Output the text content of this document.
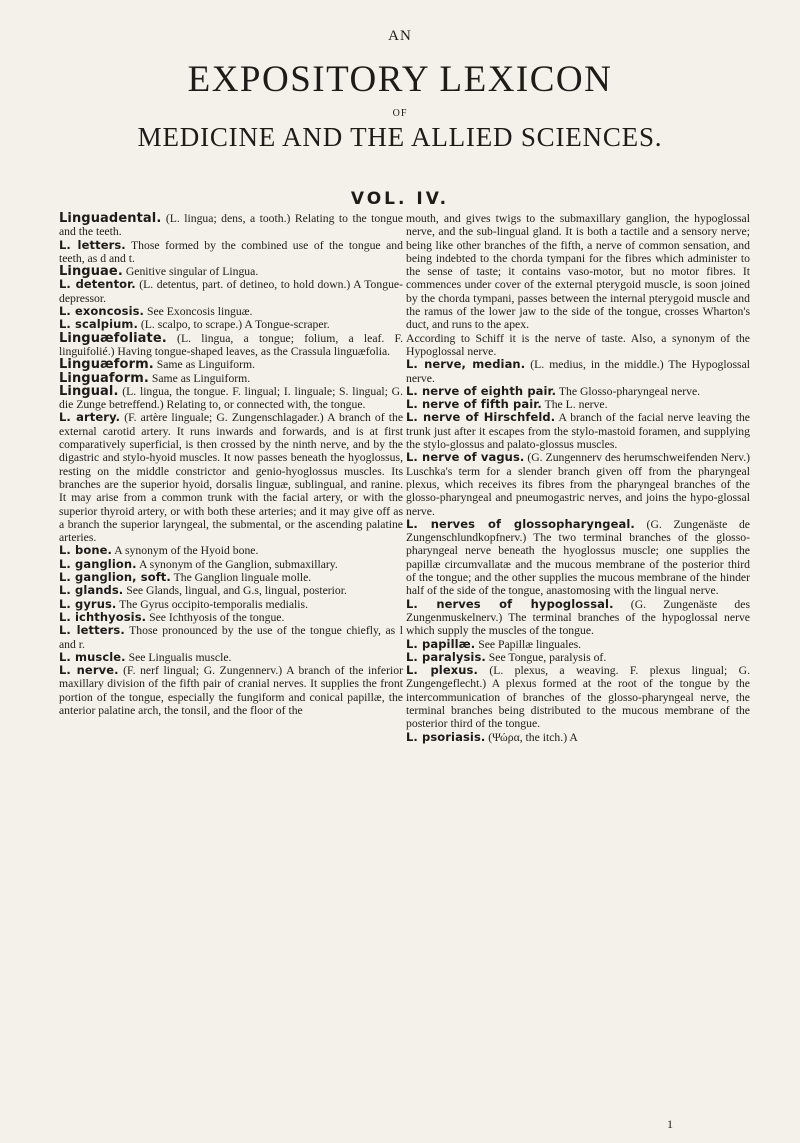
AN
EXPOSITORY LEXICON
OF
MEDICINE AND THE ALLIED SCIENCES.
VOL. IV.

Linguadental. (L. lingua; dens, a tooth.) Relating to the tongue and the teeth.

L. letters. Those formed by the combined use of the tongue and teeth, as d and t.

Linguae. Genitive singular of Lingua.

L. detentor. (L. detentus, part. of detineo, to hold down.) A Tongue-depressor.

L. exoncosis. See Exoncosis linguæ.

L. scalpium. (L. scalpo, to scrape.) A Tongue-scraper.

Linguæfoliate. (L. lingua, a tongue; folium, a leaf. F. linguifolié.) Having tongue-shaped leaves, as the Crassula linguæfolia.

Linguæform. Same as Linguiform.

Linguaform. Same as Linguiform.

Lingual. (L. lingua, the tongue. F. lingual; I. linguale; S. lingual; G. die Zunge betreffend.) Relating to, or connected with, the tongue.

L. artery. (F. artère linguale; G. Zungenschlagader.) A branch of the external carotid artery. It runs inwards and forwards, and is at first comparatively superficial, is then crossed by the ninth nerve, and by the digastric and stylo-hyoid muscles. It now passes beneath the hyoglossus, resting on the middle constrictor and genio-hyoglossus muscles. Its branches are the superior hyoid, dorsalis linguæ, sublingual, and ranine. It may arise from a common trunk with the facial artery, or with the superior thyroid artery, or with both these arteries; and it may give off as a branch the superior laryngeal, the submental, or the ascending palatine arteries.

L. bone. A synonym of the Hyoid bone.

L. ganglion. A synonym of the Ganglion, submaxillary.

L. ganglion, soft. The Ganglion linguale molle.

L. glands. See Glands, lingual, and G.s, lingual, posterior.

L. gyrus. The Gyrus occipito-temporalis medialis.

L. ichthyosis. See Ichthyosis of the tongue.

L. letters. Those pronounced by the use of the tongue chiefly, as l and r.

L. muscle. See Lingualis muscle.

L. nerve. (F. nerf lingual; G. Zungennerv.) A branch of the inferior maxillary division of the fifth pair of cranial nerves. It supplies the front portion of the tongue, especially the fungiform and conical papillæ, the anterior palatine arch, the tonsil, and the floor of the

mouth, and gives twigs to the submaxillary ganglion, the hypoglossal nerve, and the sub-lingual gland. It is both a tactile and a sensory nerve; being like other branches of the fifth, a nerve of common sensation, and being indebted to the chorda tympani for the fibres which administer to the sense of taste; it contains vaso-motor, but no motor fibres. It commences under cover of the external pterygoid muscle, is soon joined by the chorda tympani, passes between the internal pterygoid muscle and the ramus of the lower jaw to the side of the tongue, crosses Wharton's duct, and runs to the apex.

According to Schiff it is the nerve of taste. Also, a synonym of the Hypoglossal nerve.

L. nerve, median. (L. medius, in the middle.) The Hypoglossal nerve.

L. nerve of eighth pair. The Glosso-pharyngeal nerve.

L. nerve of fifth pair. The L. nerve.

L. nerve of Hirschfeld. A branch of the facial nerve leaving the trunk just after it escapes from the stylo-mastoid foramen, and supplying the stylo-glossus and palato-glossus muscles.

L. nerve of vagus. (G. Zungennerv des herumschweifenden Nerv.) Luschka's term for a slender branch given off from the pharyngeal plexus, which receives its fibres from the pharyngeal branches of the glosso-pharyngeal and pneumogastric nerves, and joins the hypo-glossal nerve.

L. nerves of glossopharyngeal. (G. Zungenäste de Zungenschlundkopfnerv.) The two terminal branches of the glosso-pharyngeal nerve beneath the hyoglossus muscle; one supplies the papillæ circumvallatæ and the mucous membrane of the posterior third of the tongue; and the other supplies the mucous membrane of the hinder half of the side of the tongue, anastomosing with the lingual nerve.

L. nerves of hypoglossal. (G. Zungenäste des Zungenmuskelnerv.) The terminal branches of the hypoglossal nerve which supply the muscles of the tongue.

L. papillæ. See Papillæ linguales.

L. paralysis. See Tongue, paralysis of.

L. plexus. (L. plexus, a weaving. F. plexus lingual; G. Zungengeflecht.) A plexus formed at the root of the tongue by the intercommunication of branches of the glosso-pharyngeal nerve, the terminal branches being distributed to the mucous membrane of the posterior third of the tongue.

L. psoriasis. (Ψώρα, the itch.) A

1
